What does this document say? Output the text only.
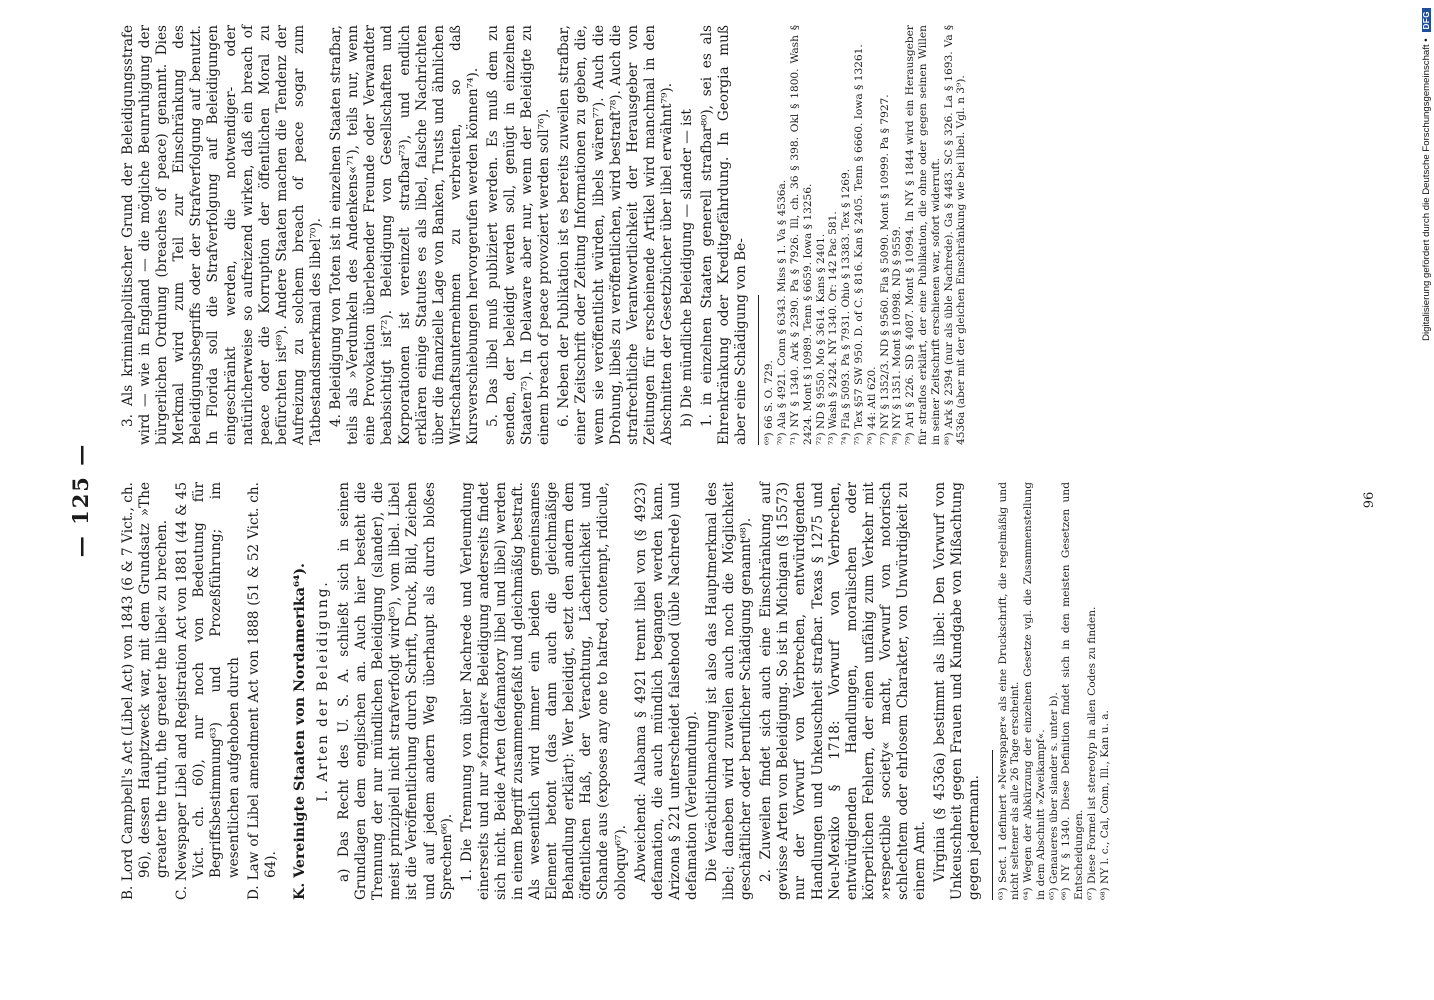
— 125 — B. Lord Campbell's Act (Libel Act) von 1843 (6 & 7 Vict., ch. 96), dessen Hauptzweck war, mit dem Grundsatz »The greater the truth, the greater the libel« zu brechen. C. Newspaper Libel and Registration Act von 1881 (44 & 45 Vict. ch. 60), nur noch von Bedeutung für Begriffsbestimmung⁶³) und Prozeßführung; im wesentlichen aufgehoben durch D. Law of Libel amendment Act von 1888 (51 & 52 Vict. ch. 64). K. Vereinigte Staaten von Nordamerika⁶⁴). I. Arten der Beleidigung. a) Das Recht des U. S. A. schließt sich in seinen Grundlagen dem englischen an. Auch hier besteht die Trennung der nur mündlichen Beleidigung (slander), die meist prinzipiell nicht strafverfolgt wird⁶⁵), vom libel. Libel ist die Veröffentlichung durch Schrift, Druck, Bild, Zeichen und auf jedem andern Weg überhaupt als durch bloßes Sprechen⁶⁶). 1. Die Trennung von übler Nachrede und Verleumdung einerseits und nur »formaler« Beleidigung anderseits findet sich nicht. Beide Arten (defamatory libel und libel) werden in einem Begriff zusammengefaßt und gleichmäßig bestraft. Als wesentlich wird immer ein beiden gemeinsames Element betont (das dann auch die gleichmäßige Behandlung erklärt): Wer beleidigt, setzt den andern dem öffentlichen Haß, der Verachtung, Lächerlichkeit und Schande aus (exposes any one to hatred, contempt, ridicule, obloquy⁶⁷). Abweichend: Alabama § 4921 trennt libel von (§ 4923) defamation, die auch mündlich begangen werden kann. Arizona § 221 unterscheidet falsehood (üble Nachrede) und defamation (Verleumdung). Die Verächtlichmachung ist also das Hauptmerkmal des libel; daneben wird zuweilen auch noch die Möglichkeit geschäftlicher oder beruflicher Schädigung genannt⁶⁸). 2. Zuweilen findet sich auch eine Einschränkung auf gewisse Arten von Beleidigung. So ist in Michigan (§ 15573) nur der Vorwurf von Verbrechen, entwürdigenden Handlungen und Unkeuschheit strafbar. Texas § 1275 und Neu-Mexiko § 1718: Vorwurf von Verbrechen, entwürdigenden Handlungen, moralischen oder körperlichen Fehlern, der einen unfähig zum Verkehr mit »respectible society« macht, Vorwurf von notorisch schlechtem oder ehrlosem Charakter, von Unwürdigkeit zu einem Amt. Virginia (§ 4536a) bestimmt als libel: Den Vorwurf von Unkeuschheit gegen Frauen und Kundgabe von Mißachtung gegen jedermann. ⁶³) Sect. 1 definiert »Newspaper« als eine Druckschrift, die regelmäßig und nicht seltener als alle 26 Tage erscheint. ⁶⁴) Wegen der Abkürzung der einzelnen Gesetze vgl. die Zusammenstellung in dem Abschnitt »Zweikampf«. ⁶⁵) Genaueres über slander s. unter b). ⁶⁶) NY § 1340. Diese Definition findet sich in den meisten Gesetzen und Entscheidungen. ⁶⁷) Diese Formel ist stereotyp in allen Codes zu finden. ⁶⁸) NY l. c., Cal, Conn, Ill., Kan u. a.

3. Als kriminalpolitischer Grund der Beleidigungsstrafe wird — wie in England — die mögliche Beunruhigung der bürgerlichen Ordnung (breaches of peace) genannt. Dies Merkmal wird zum Teil zur Einschränkung des Beleidigungsbegriffs oder der Strafverfolgung auf benutzt. In Florida soll die Strafverfolgung auf Beleidigungen eingeschränkt werden, die notwendiger- oder natürlicherweise so aufreizend wirken, daß ein breach of peace oder die Korruption der öffentlichen Moral zu befürchten ist⁶⁹). Andere Staaten machen die Tendenz der Aufreizung zu solchem breach of peace sogar zum Tatbestandsmerkmal des libel⁷⁰). 4. Beleidigung von Toten ist in einzelnen Staaten strafbar, teils als »Verdunkeln des Andenkens«⁷¹), teils nur, wenn eine Provokation überlebender Freunde oder Verwandter beabsichtigt ist⁷²). Beleidigung von Gesellschaften und Korporationen ist vereinzelt strafbar⁷³), und endlich erklären einige Statutes es als libel, falsche Nachrichten über die finanzielle Lage von Banken, Trusts und ähnlichen Wirtschaftsunternehmen zu verbreiten, so daß Kursverschiebungen hervorgerufen werden können⁷⁴). 5. Das libel muß publiziert werden. Es muß dem zu senden, der beleidigt werden soll, genügt in einzelnen Staaten⁷⁵). In Delaware aber nur, wenn der Beleidigte zu einem breach of peace provoziert werden soll⁷⁶). 6. Neben der Publikation ist es bereits zuweilen strafbar, einer Zeitschrift oder Zeitung Informationen zu geben, die, wenn sie veröffentlicht würden, libels wären⁷⁷). Auch die Drohung, libels zu veröffentlichen, wird bestraft⁷⁸). Auch die strafrechtliche Verantwortlichkeit der Herausgeber von Zeitungen für erscheinende Artikel wird manchmal in den Abschnitten der Gesetzbücher über libel erwähnt⁷⁹). b) Die mündliche Beleidigung — slander — ist 1. in einzelnen Staaten generell strafbar⁸⁰), sei es als Ehrenkränkung oder Kreditgefährdung. In Georgia muß aber eine Schädigung von Be- ⁶⁹) 66 S. O. 729. ⁷⁰) Ala § 4921. Conn § 6343. Miss § 1. Va § 4536a. ⁷¹) NY § 1340. Ark § 2390. Pa § 7926. Ill, ch. 36 § 398. Okl § 1800. Wash § 2424. Mont § 10989. Tenn § 6659. Iowa § 13256. ⁷²) ND § 9550. Mo § 3614. Kans § 2401. ⁷³) Wash § 2424. NY 1340. Or: 142 Pac 581. ⁷⁴) Fla § 5093. Pa § 7931. Ohio § 13383. Tex § 1269. ⁷⁵) Tex §57 SW 950. D. of C. § 816. Kan § 2405. Tenn § 6660. Iowa § 13261. ⁷⁶) 44: Atl 620. ⁷⁷) NY § 1352/3. ND § 9560. Fla § 5090. Mont § 10999. Pa § 7927. ⁷⁸) NY § 1351. Mont § 10998. ND § 9559. ⁷⁹) Ari § 226. SD § 4087. Mont § 10994. In NY § 1844 wird ein Herausgeber für straflos erklärt, der eine Publikation, die ohne oder gegen seinen Willen in seiner Zeitschrift erschienen war, sofort widerruft. ⁸⁰) Ark § 2394 (nur als üble Nachrede). Ga § 4483. SC § 326. La § 1693. Va § 4536a (aber mit der gleichen Einschränkung wie bei libel. Vgl. n 3⁹).

96
Digitalisierung gefördert durch die Deutsche Forschungsgemeinschaft •
DFG
